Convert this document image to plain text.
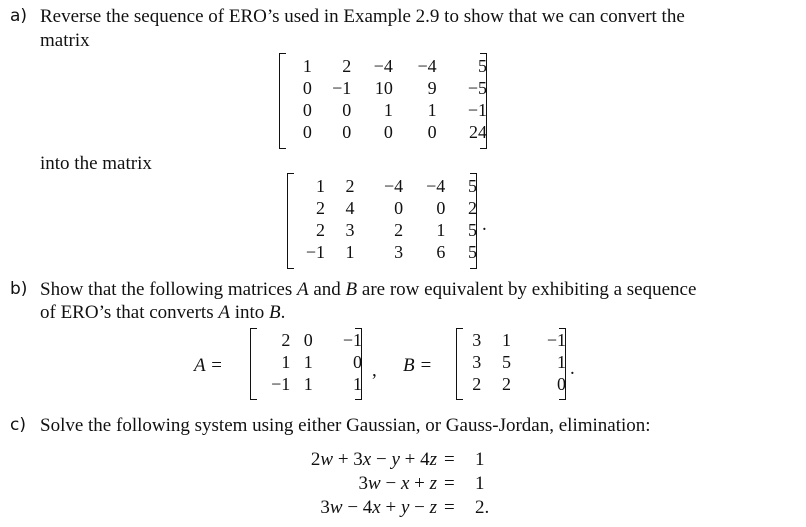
a) Reverse the sequence of ERO’s used in Example 2.9 to show that we can convert the
matrix
1	2	−4	−4	5
0	−1	10	9	−5
0	0	1	1	−1
0	0	0	0	24
into the matrix
1	2	−4	−4	5
2	4	0	0	2
2	3	2	1	5
−1	1	3	6	5
.
b) Show that the following matrices A and B are row equivalent by exhibiting a sequence
of ERO’s that converts A into B.
A =
2	0	−1
1	1	0
−1	1	1
, B =
3	1	−1
3	5	1
2	2	0
.
c) Solve the following system using either Gaussian, or Gauss-Jordan, elimination:
2w + 3x − y + 4z = 1
3w − x + z = 1
3w − 4x + y − z = 2.
